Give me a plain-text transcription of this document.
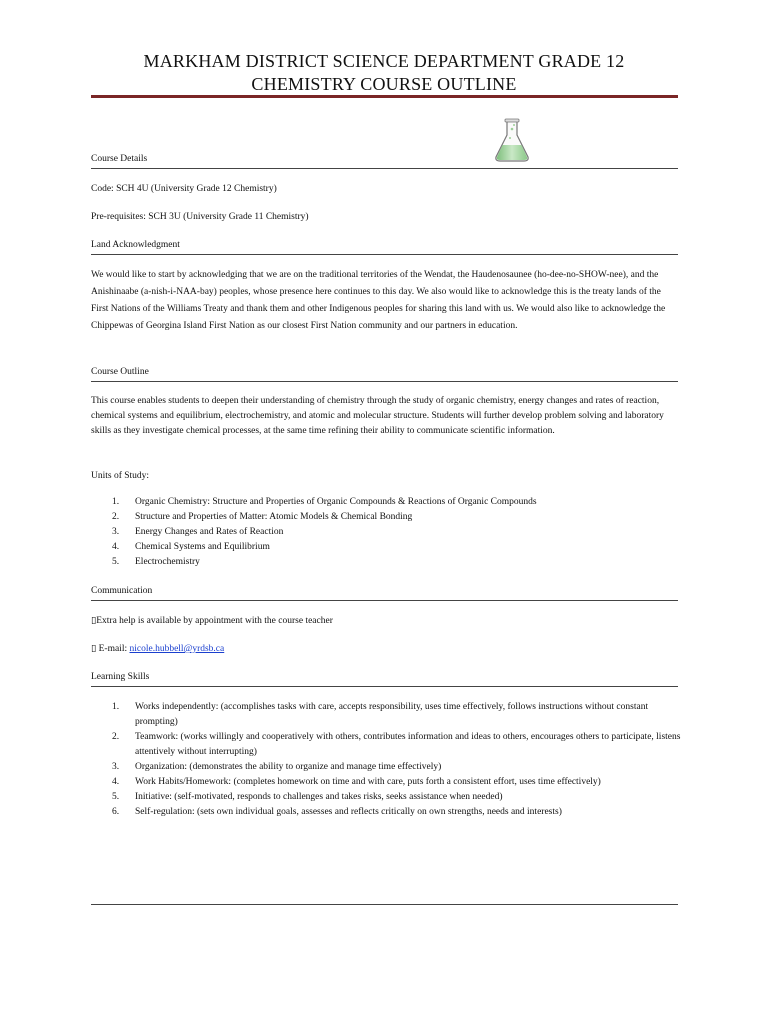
MARKHAM DISTRICT SCIENCE DEPARTMENT GRADE 12
CHEMISTRY COURSE OUTLINE
Course Details
Code: SCH 4U (University Grade 12 Chemistry)
Pre-requisites: SCH 3U (University Grade 11 Chemistry)
Land Acknowledgment

We would like to start by acknowledging that we are on the traditional territories of the Wendat, the Haudenosaunee (ho-dee-no-SHOW-nee), and the Anishinaabe (a-nish-i-NAA-bay) peoples, whose presence here continues to this day. We also would like to acknowledge this is the treaty lands of the First Nations of the Williams Treaty and thank them and other Indigenous peoples for sharing this land with us. We would also like to acknowledge the Chippewas of Georgina Island First Nation as our closest First Nation community and our partners in education.

Course Outline

This course enables students to deepen their understanding of chemistry through the study of organic chemistry, energy changes and rates of reaction, chemical systems and equilibrium, electrochemistry, and atomic and molecular structure. Students will further develop problem solving and laboratory skills as they investigate chemical processes, at the same time refining their ability to communicate scientific information.

Units of Study:
1. Organic Chemistry: Structure and Properties of Organic Compounds & Reactions of Organic Compounds
2. Structure and Properties of Matter: Atomic Models & Chemical Bonding
3. Energy Changes and Rates of Reaction
4. Chemical Systems and Equilibrium
5. Electrochemistry
Communication
▯Extra help is available by appointment with the course teacher
▯ E-mail: nicole.hubbell@yrdsb.ca
Learning Skills
1. Works independently: (accomplishes tasks with care, accepts responsibility, uses time effectively, follows instructions without constant prompting)
2. Teamwork: (works willingly and cooperatively with others, contributes information and ideas to others, encourages others to participate, listens attentively without interrupting)
3. Organization: (demonstrates the ability to organize and manage time effectively)
4. Work Habits/Homework: (completes homework on time and with care, puts forth a consistent effort, uses time effectively)
5. Initiative: (self-motivated, responds to challenges and takes risks, seeks assistance when needed)
6. Self-regulation: (sets own individual goals, assesses and reflects critically on own strengths, needs and interests)
